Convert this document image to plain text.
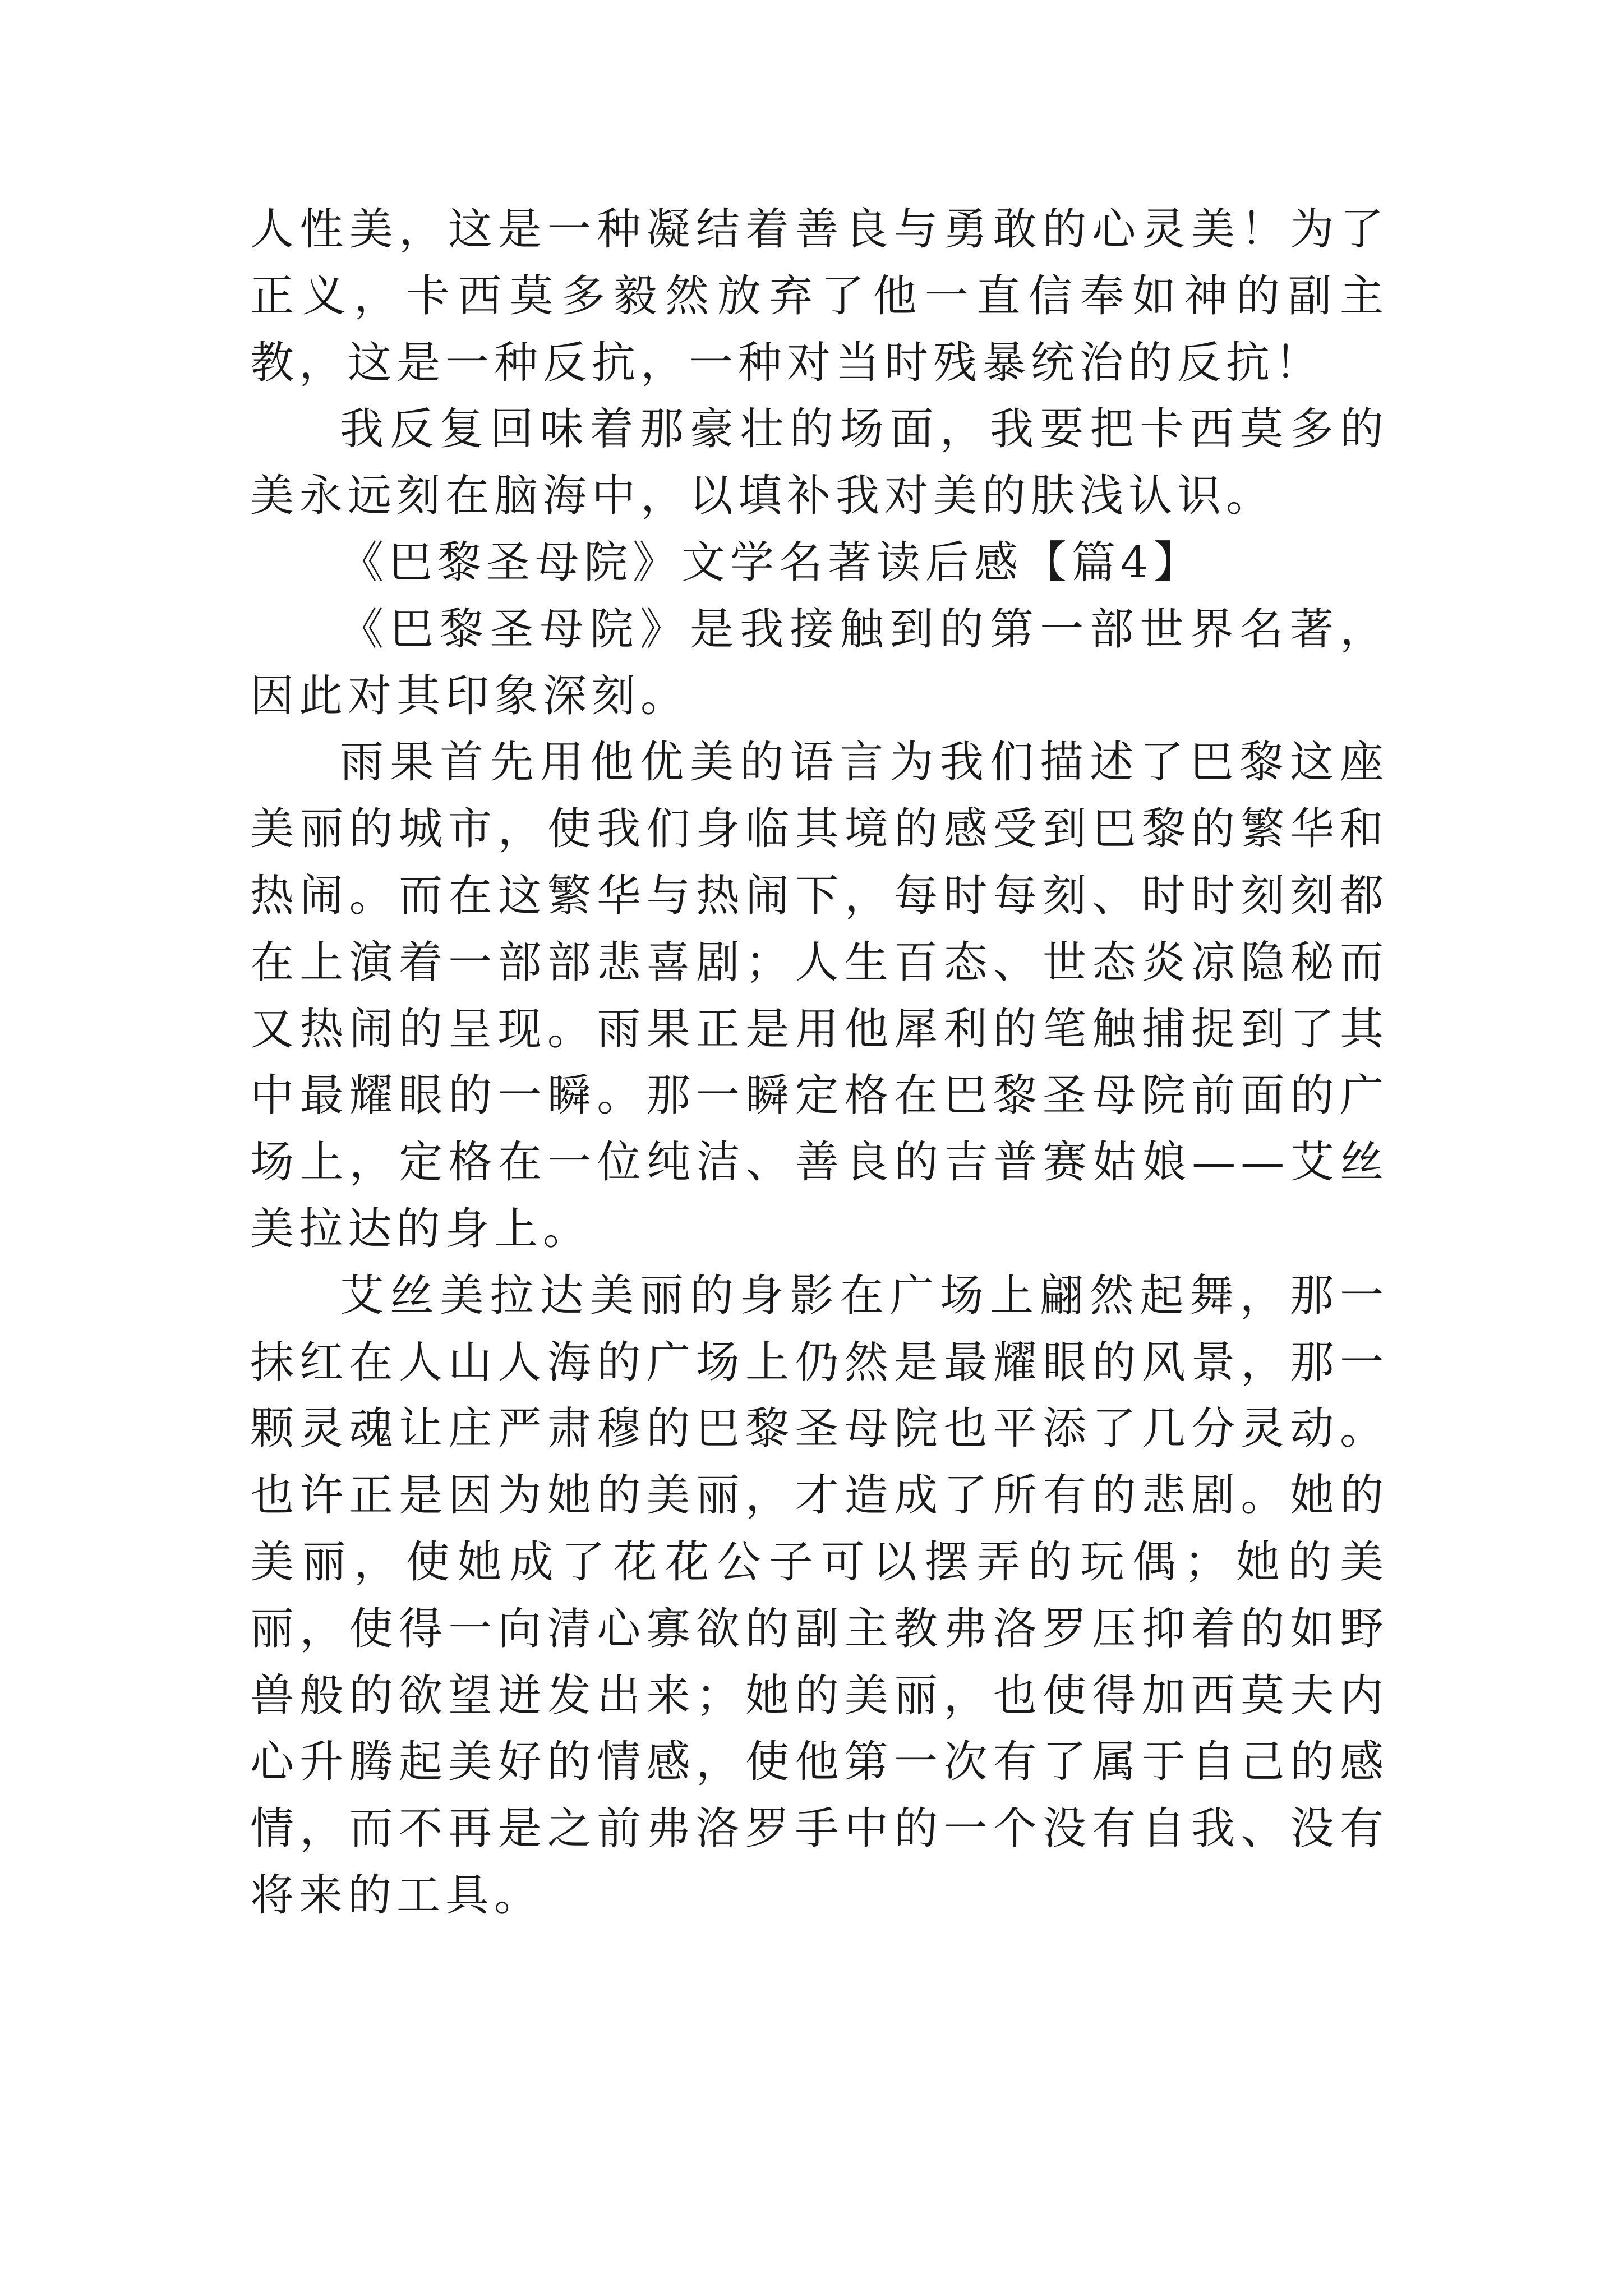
人性美，这是一种凝结着善良与勇敢的心灵美！为了正义，卡西莫多毅然放弃了他一直信奉如神的副主教，这是一种反抗，一种对当时残暴统治的反抗！

我反复回味着那豪壮的场面，我要把卡西莫多的美永远刻在脑海中，以填补我对美的肤浅认识。

《巴黎圣母院》文学名著读后感【篇4】

《巴黎圣母院》是我接触到的第一部世界名著，因此对其印象深刻。

雨果首先用他优美的语言为我们描述了巴黎这座美丽的城市，使我们身临其境的感受到巴黎的繁华和热闹。而在这繁华与热闹下，每时每刻、时时刻刻都在上演着一部部悲喜剧；人生百态、世态炎凉隐秘而又热闹的呈现。雨果正是用他犀利的笔触捕捉到了其中最耀眼的一瞬。那一瞬定格在巴黎圣母院前面的广场上，定格在一位纯洁、善良的吉普赛姑娘——艾丝美拉达的身上。

艾丝美拉达美丽的身影在广场上翩然起舞，那一抹红在人山人海的广场上仍然是最耀眼的风景，那一颗灵魂让庄严肃穆的巴黎圣母院也平添了几分灵动。也许正是因为她的美丽，才造成了所有的悲剧。她的美丽，使她成了花花公子可以摆弄的玩偶；她的美丽，使得一向清心寡欲的副主教弗洛罗压抑着的如野兽般的欲望迸发出来；她的美丽，也使得加西莫夫内心升腾起美好的情感，使他第一次有了属于自己的感情，而不再是之前弗洛罗手中的一个没有自我、没有将来的工具。
